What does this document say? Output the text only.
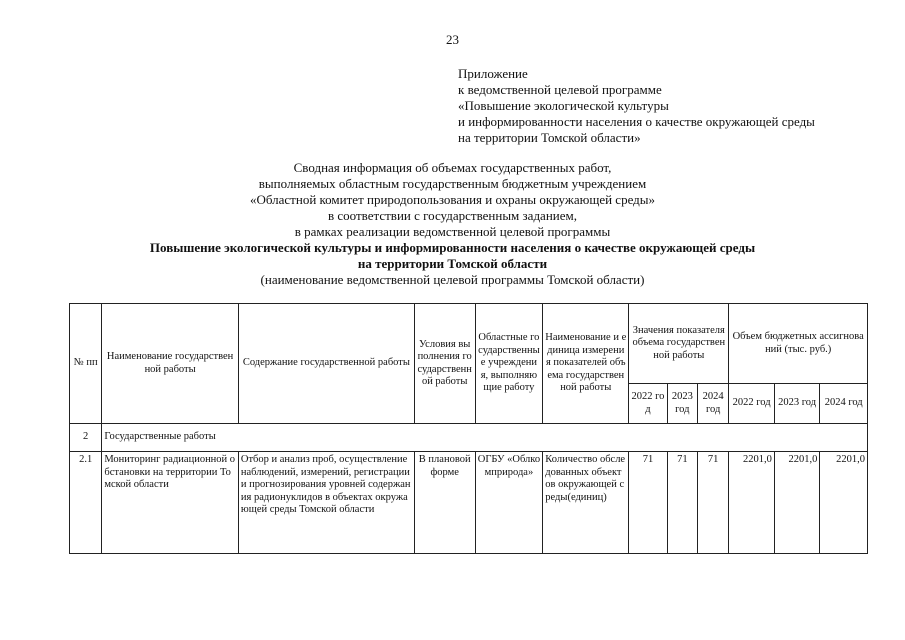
23
Приложение
к ведомственной целевой программе
«Повышение экологической культуры
и информированности населения о качестве окружающей среды
на территории Томской области»
Сводная информация об объемах государственных работ,
выполняемых областным государственным бюджетным учреждением
«Областной комитет природопользования и охраны окружающей среды»
в соответствии с государственным заданием,
в рамках реализации ведомственной целевой программы
Повышение экологической культуры и информированности населения о качестве окружающей среды
на территории Томской области
(наименование ведомственной целевой программы Томской области)
№ пп	Наименование государственной работы	Содержание государственной работы	Условия выполнения государственной работы	Областные государственные учреждения, выполняющие работу	Наименование и единица измерения показателей объема государственной работы	Значения показателя объема государственной работы			Объем бюджетных ассигнований (тыс. руб.)		
						2022 год	2023 год	2024 год	2022 год	2023 год	2024 год
2	Государственные работы										
2.1	Мониторинг радиационной обстановки на территории Томской области	Отбор и анализ проб, осуществление наблюдений, измерений, регистрации и прогнозирования уровней содержания радионуклидов в объектах окружающей среды Томской области	В плановой форме	ОГБУ «Облкомприрода»	Количество обследованных объектов окружающей среды(единиц)	71	71	71	2201,0	2201,0	2201,0
